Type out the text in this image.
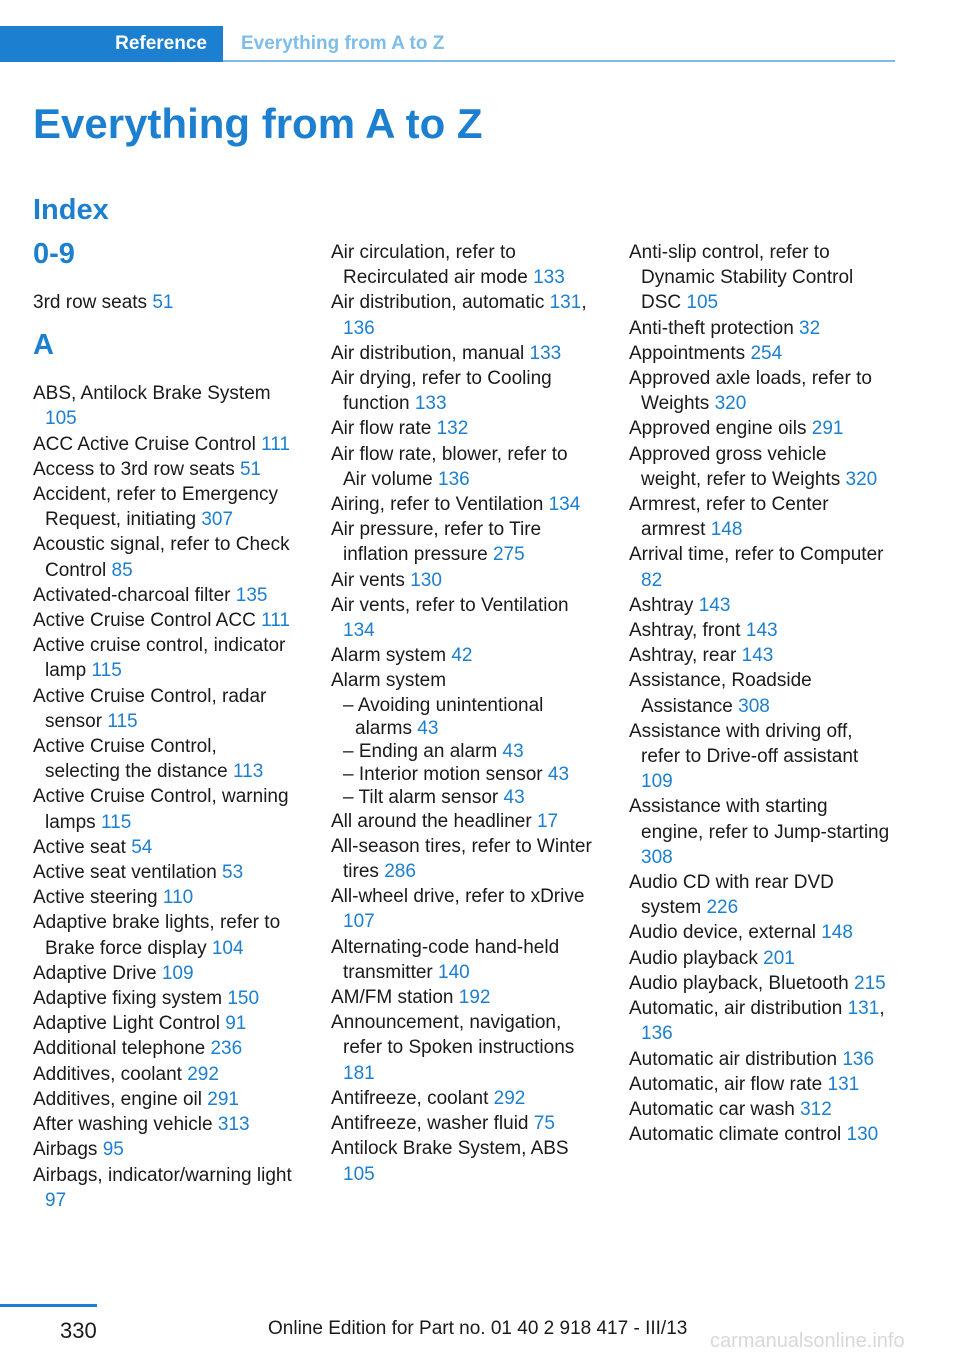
Reference	Everything from A to Z
Everything from A to Z
Index
0-9

3rd row seats 51

A

ABS, Antilock Brake System 105

ACC Active Cruise Control 111

Access to 3rd row seats 51

Accident, refer to Emergency Request, initiating 307

Acoustic signal, refer to Check Control 85

Activated-charcoal filter 135

Active Cruise Control ACC 111

Active cruise control, indicator lamp 115

Active Cruise Control, radar sensor 115

Active Cruise Control, selecting the distance 113

Active Cruise Control, warning lamps 115

Active seat 54

Active seat ventilation 53

Active steering 110

Adaptive brake lights, refer to Brake force display 104

Adaptive Drive 109

Adaptive fixing system 150

Adaptive Light Control 91

Additional telephone 236

Additives, coolant 292

Additives, engine oil 291

After washing vehicle 313

Airbags 95

Airbags, indicator/warning light 97

Air circulation, refer to Recirculated air mode 133

Air distribution, automatic 131, 136

Air distribution, manual 133

Air drying, refer to Cooling function 133

Air flow rate 132

Air flow rate, blower, refer to Air volume 136

Airing, refer to Ventilation 134

Air pressure, refer to Tire inflation pressure 275

Air vents 130

Air vents, refer to Ventilation 134

Alarm system 42

Alarm system

– Avoiding unintentional alarms 43

– Ending an alarm 43

– Interior motion sensor 43

– Tilt alarm sensor 43

All around the headliner 17

All-season tires, refer to Winter tires 286

All-wheel drive, refer to xDrive 107

Alternating-code hand-held transmitter 140

AM/FM station 192

Announcement, navigation, refer to Spoken instructions 181

Antifreeze, coolant 292

Antifreeze, washer fluid 75

Antilock Brake System, ABS 105

Anti-slip control, refer to Dynamic Stability Control DSC 105

Anti-theft protection 32

Appointments 254

Approved axle loads, refer to Weights 320

Approved engine oils 291

Approved gross vehicle weight, refer to Weights 320

Armrest, refer to Center armrest 148

Arrival time, refer to Computer 82

Ashtray 143

Ashtray, front 143

Ashtray, rear 143

Assistance, Roadside Assistance 308

Assistance with driving off, refer to Drive-off assistant 109

Assistance with starting engine, refer to Jump-starting 308

Audio CD with rear DVD system 226

Audio device, external 148

Audio playback 201

Audio playback, Bluetooth 215

Automatic, air distribution 131, 136

Automatic air distribution 136

Automatic, air flow rate 131

Automatic car wash 312

Automatic climate control 130

330	Online Edition for Part no. 01 40 2 918 417 - III/13
carmanualsonline.info
